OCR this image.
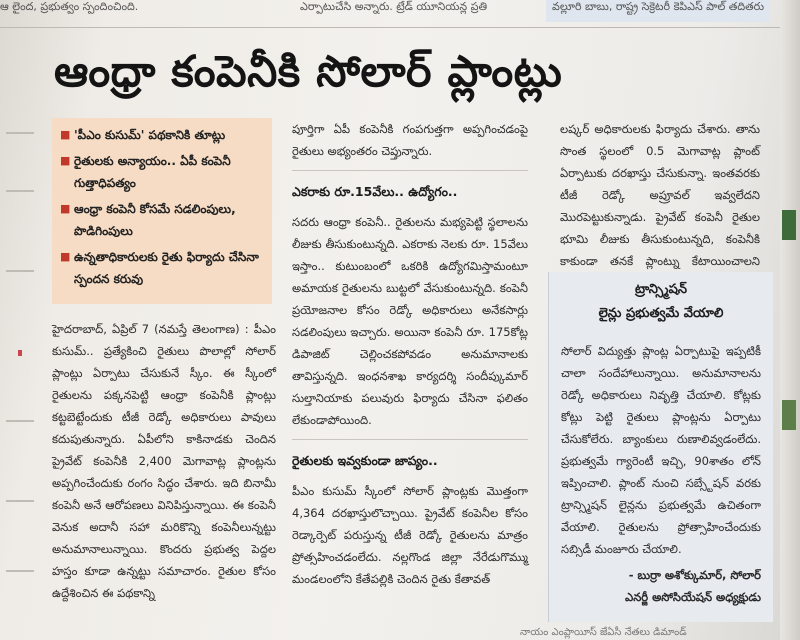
ఆ లైంద, ప్రభుత్వం స్పందించింది.	ఎర్పాటుచేసి అన్నారు. ట్రేడ్ యూనియన్ల ప్రతి	వల్లూరి బాబు, రాష్ట్ర సెక్రెటరీ కెపిఎస్ పాల్ తదితరు
ఆంధ్రా కంపెనీకి సోలార్ ప్లాంట్లు
■ 'పీఎం కుసుమ్' పథకానికి తూట్లు
■ రైతులకు అన్యాయం.. ఏపీ కంపెనీ గుత్తాధిపత్యం
■ ఆంధ్రా కంపెనీ కోసమే సడలింపులు, పొడిగింపులు
■ ఉన్నతాధికారులకు రైతు ఫిర్యాదు చేసినా స్పందన కరువు

హైదరాబాద్, ఏప్రిల్ 7 (నమస్తే తెలంగాణ) : పీఎం కుసుమ్.. ప్రత్యేకించి రైతులు పొలాల్లో సోలార్ ప్లాంట్లు ఏర్పాటు చేసుకునే స్కీం. ఈ స్కీంలో రైతులను పక్కనపెట్టి ఆంధ్రా కంపెనీకి ప్లాంట్లు కట్టబెట్టేందుకు టీజీ రెడ్కో అధికారులు పావులు కదుపుతున్నారు. ఏపీలోని కాకినాడకు చెందిన ప్రైవేట్ కంపెనీకి 2,400 మెగావాట్ల ప్లాంట్లను అప్పగించేందుకు రంగం సిద్ధం చేశారు. ఇది బినామీ కంపెనీ అనే ఆరోపణలు వినిపిస్తున్నాయి. ఈ కంపెనీ వెనుక అదానీ సహా మరికొన్ని కంపెనీలున్నట్టు అనుమానాలున్నాయి. కొందరు ప్రభుత్వ పెద్దల హస్తం కూడా ఉన్నట్టు సమాచారం. రైతుల కోసం ఉద్దేశించిన ఈ పథకాన్ని

పూర్తిగా ఏపీ కంపెనీకి గంపగుత్తగా అప్పగించడంపై రైతులు అభ్యంతరం చెప్తున్నారు.

ఎకరాకు రూ.15వేలు.. ఉద్యోగం..

సదరు ఆంధ్రా కంపెనీ.. రైతులను మభ్యపెట్టి స్థలాలను లీజుకు తీసుకుంటున్నది. ఎకరాకు నెలకు రూ. 15వేలు ఇస్తాం.. కుటుంబంలో ఒకరికి ఉద్యోగమిస్తామంటూ అమాయక రైతులను బుట్టలో వేసుకుంటున్నది. కంపెనీ ప్రయోజనాల కోసం రెడ్కో అధికారులు అనేకసార్లు సడలింపులు ఇచ్చారు. అయినా కంపెనీ రూ. 175కోట్ల డిపాజిట్ చెల్లించకపోవడం అనుమానాలకు తావిస్తున్నది. ఇంధనశాఖ కార్యదర్శి సందీప్కుమార్ సుల్తానియాకు పలువురు ఫిర్యాదు చేసినా ఫలితం లేకుండాపోయింది.

రైతులకు ఇవ్వకుండా జాప్యం..

పీఎం కుసుమ్ స్కీంలో సోలార్ ప్లాంట్లకు మొత్తంగా 4,364 దరఖాస్తులొచ్చాయి. ప్రైవేట్ కంపెనీల కోసం రెడ్కార్పెట్ పరుస్తున్న టీజీ రెడ్కో రైతులను మాత్రం ప్రోత్సహించడంలేదు. నల్లగొండ జిల్లా నేరేడుగొమ్ము మండలంలోని కేతేపల్లికి చెందిన రైతు కేతావత్

లష్కర్ అధికారులకు ఫిర్యాదు చేశారు. తాను సొంత స్థలంలో 0.5 మెగావాట్ల ప్లాంట్ ఏర్పాటుకు దరఖాస్తు చేసుకున్నా. ఇంతవరకు టీజీ రెడ్కో అప్రూవల్ ఇవ్వలేదని మొరపెట్టుకున్నాడు. ప్రైవేట్ కంపెనీ రైతుల భూమి లీజుకు తీసుకుంటున్నది, కంపెనీకి కాకుండా తనకే ప్లాంట్ను కేటాయించాలని

ట్రాన్స్మిషన్
లైన్లు ప్రభుత్వమే వేయాలి

సోలార్ విద్యుత్తు ప్లాంట్ల ఏర్పాటుపై ఇప్పటికీ చాలా సందేహాలున్నాయి. అనుమానాలను రెడ్కో అధికారులు నివృత్తి చేయాలి. కోట్లకు కోట్లు పెట్టి రైతులు ప్లాంట్లను ఏర్పాటు చేసుకోలేరు. బ్యాంకులు రుణాలివ్వడంలేదు. ప్రభుత్వమే గ్యారెంటీ ఇచ్చి, 90శాతం లోన్ ఇప్పించాలి. ప్లాంట్ నుంచి సబ్స్టేషన్ వరకు ట్రాన్స్మిషన్ లైన్లను ప్రభుత్వమే ఉచితంగా వేయాలి. రైతులను ప్రోత్సాహించేందుకు సబ్సిడీ మంజూరు చేయాలి.

- బుర్రా అశోక్కుమార్, సోలార్
ఎనర్జీ అసోసియేషన్ అధ్యక్షుడు
నాయం ఎంప్లాయీస్ జేఏసీ నేతలు డిమాండ్
